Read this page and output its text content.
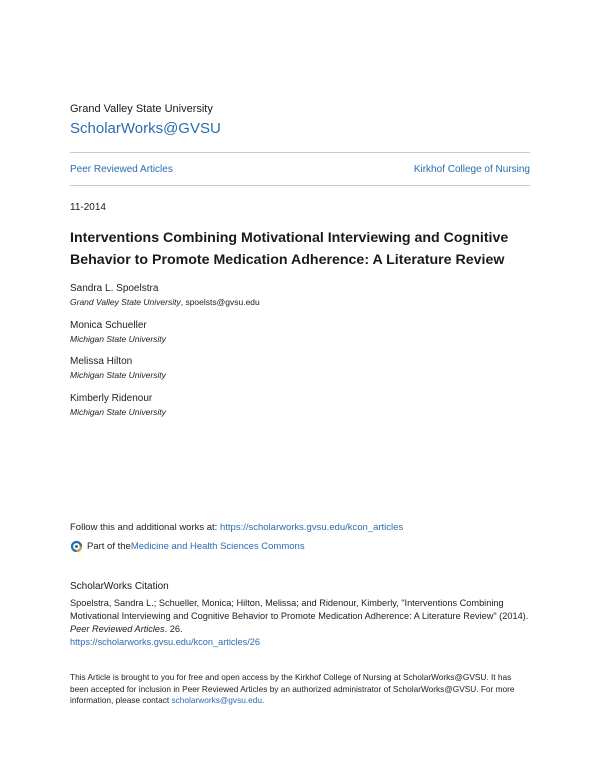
Grand Valley State University
ScholarWorks@GVSU
Peer Reviewed Articles	Kirkhof College of Nursing
11-2014
Interventions Combining Motivational Interviewing and Cognitive Behavior to Promote Medication Adherence: A Literature Review
Sandra L. Spoelstra
Grand Valley State University, spoelsts@gvsu.edu
Monica Schueller
Michigan State University
Melissa Hilton
Michigan State University
Kimberly Ridenour
Michigan State University
Follow this and additional works at: https://scholarworks.gvsu.edu/kcon_articles
Part of the Medicine and Health Sciences Commons
ScholarWorks Citation
Spoelstra, Sandra L.; Schueller, Monica; Hilton, Melissa; and Ridenour, Kimberly, "Interventions Combining Motivational Interviewing and Cognitive Behavior to Promote Medication Adherence: A Literature Review" (2014). Peer Reviewed Articles. 26.
https://scholarworks.gvsu.edu/kcon_articles/26
This Article is brought to you for free and open access by the Kirkhof College of Nursing at ScholarWorks@GVSU. It has been accepted for inclusion in Peer Reviewed Articles by an authorized administrator of ScholarWorks@GVSU. For more information, please contact scholarworks@gvsu.edu.
